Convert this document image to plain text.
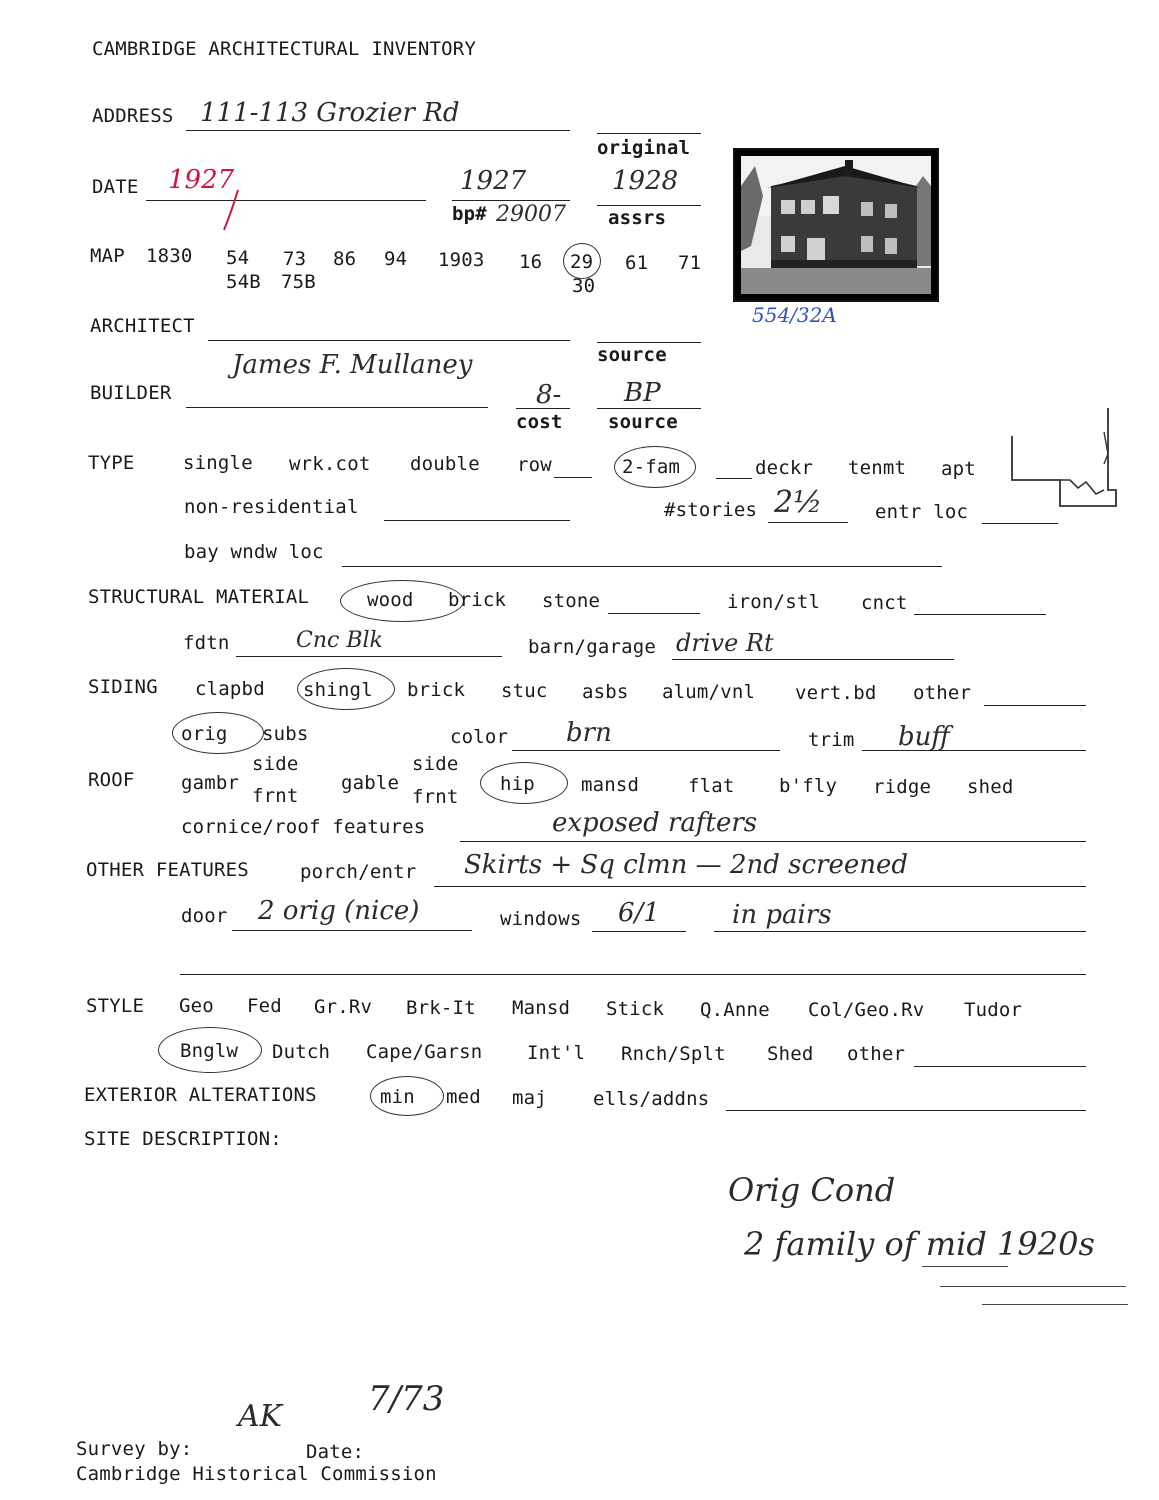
CAMBRIDGE ARCHITECTURAL INVENTORY
ADDRESS 111-113 Grozier Rd
original
1928
assrs
DATE 1927	1927
bp# 29007
MAP 1830 54 73 86 94 1903 16 29 61 71
54B 75B	30
554/32A
ARCHITECT
source
BUILDER
James F. Mullaney
8-
cost
BP
source
TYPE	single wrk.cot double row	2-fam	deckr tenmt apt
non-residential	#stories 2½	entr loc
bay wndw loc
STRUCTURAL MATERIAL	wood brick stone	iron/stl cnct
fdtn	Cnc Blk	barn/garage drive Rt
SIDING clapbd shingl brick stuc asbs alum/vnl vert.bd other
orig subs	color brn	trim buff
ROOF gambr
side
frnt
gable
side
frnt
hip mansd	flat b'fly ridge shed
cornice/roof features	exposed rafters
OTHER FEATURES	porch/entr Skirts + Sq clmn — 2nd screened
door 2 orig (nice)	windows 6/1	in pairs
STYLE Geo Fed Gr.Rv Brk-It Mansd Stick Q.Anne Col/Geo.Rv Tudor
Bnglw Dutch Cape/Garsn Int'l Rnch/Splt Shed other
EXTERIOR ALTERATIONS	min med maj ells/addns
SITE DESCRIPTION:
Orig Cond
2 family of mid 1920s
AK	7/73
Survey by:	Date:
Cambridge Historical Commission
